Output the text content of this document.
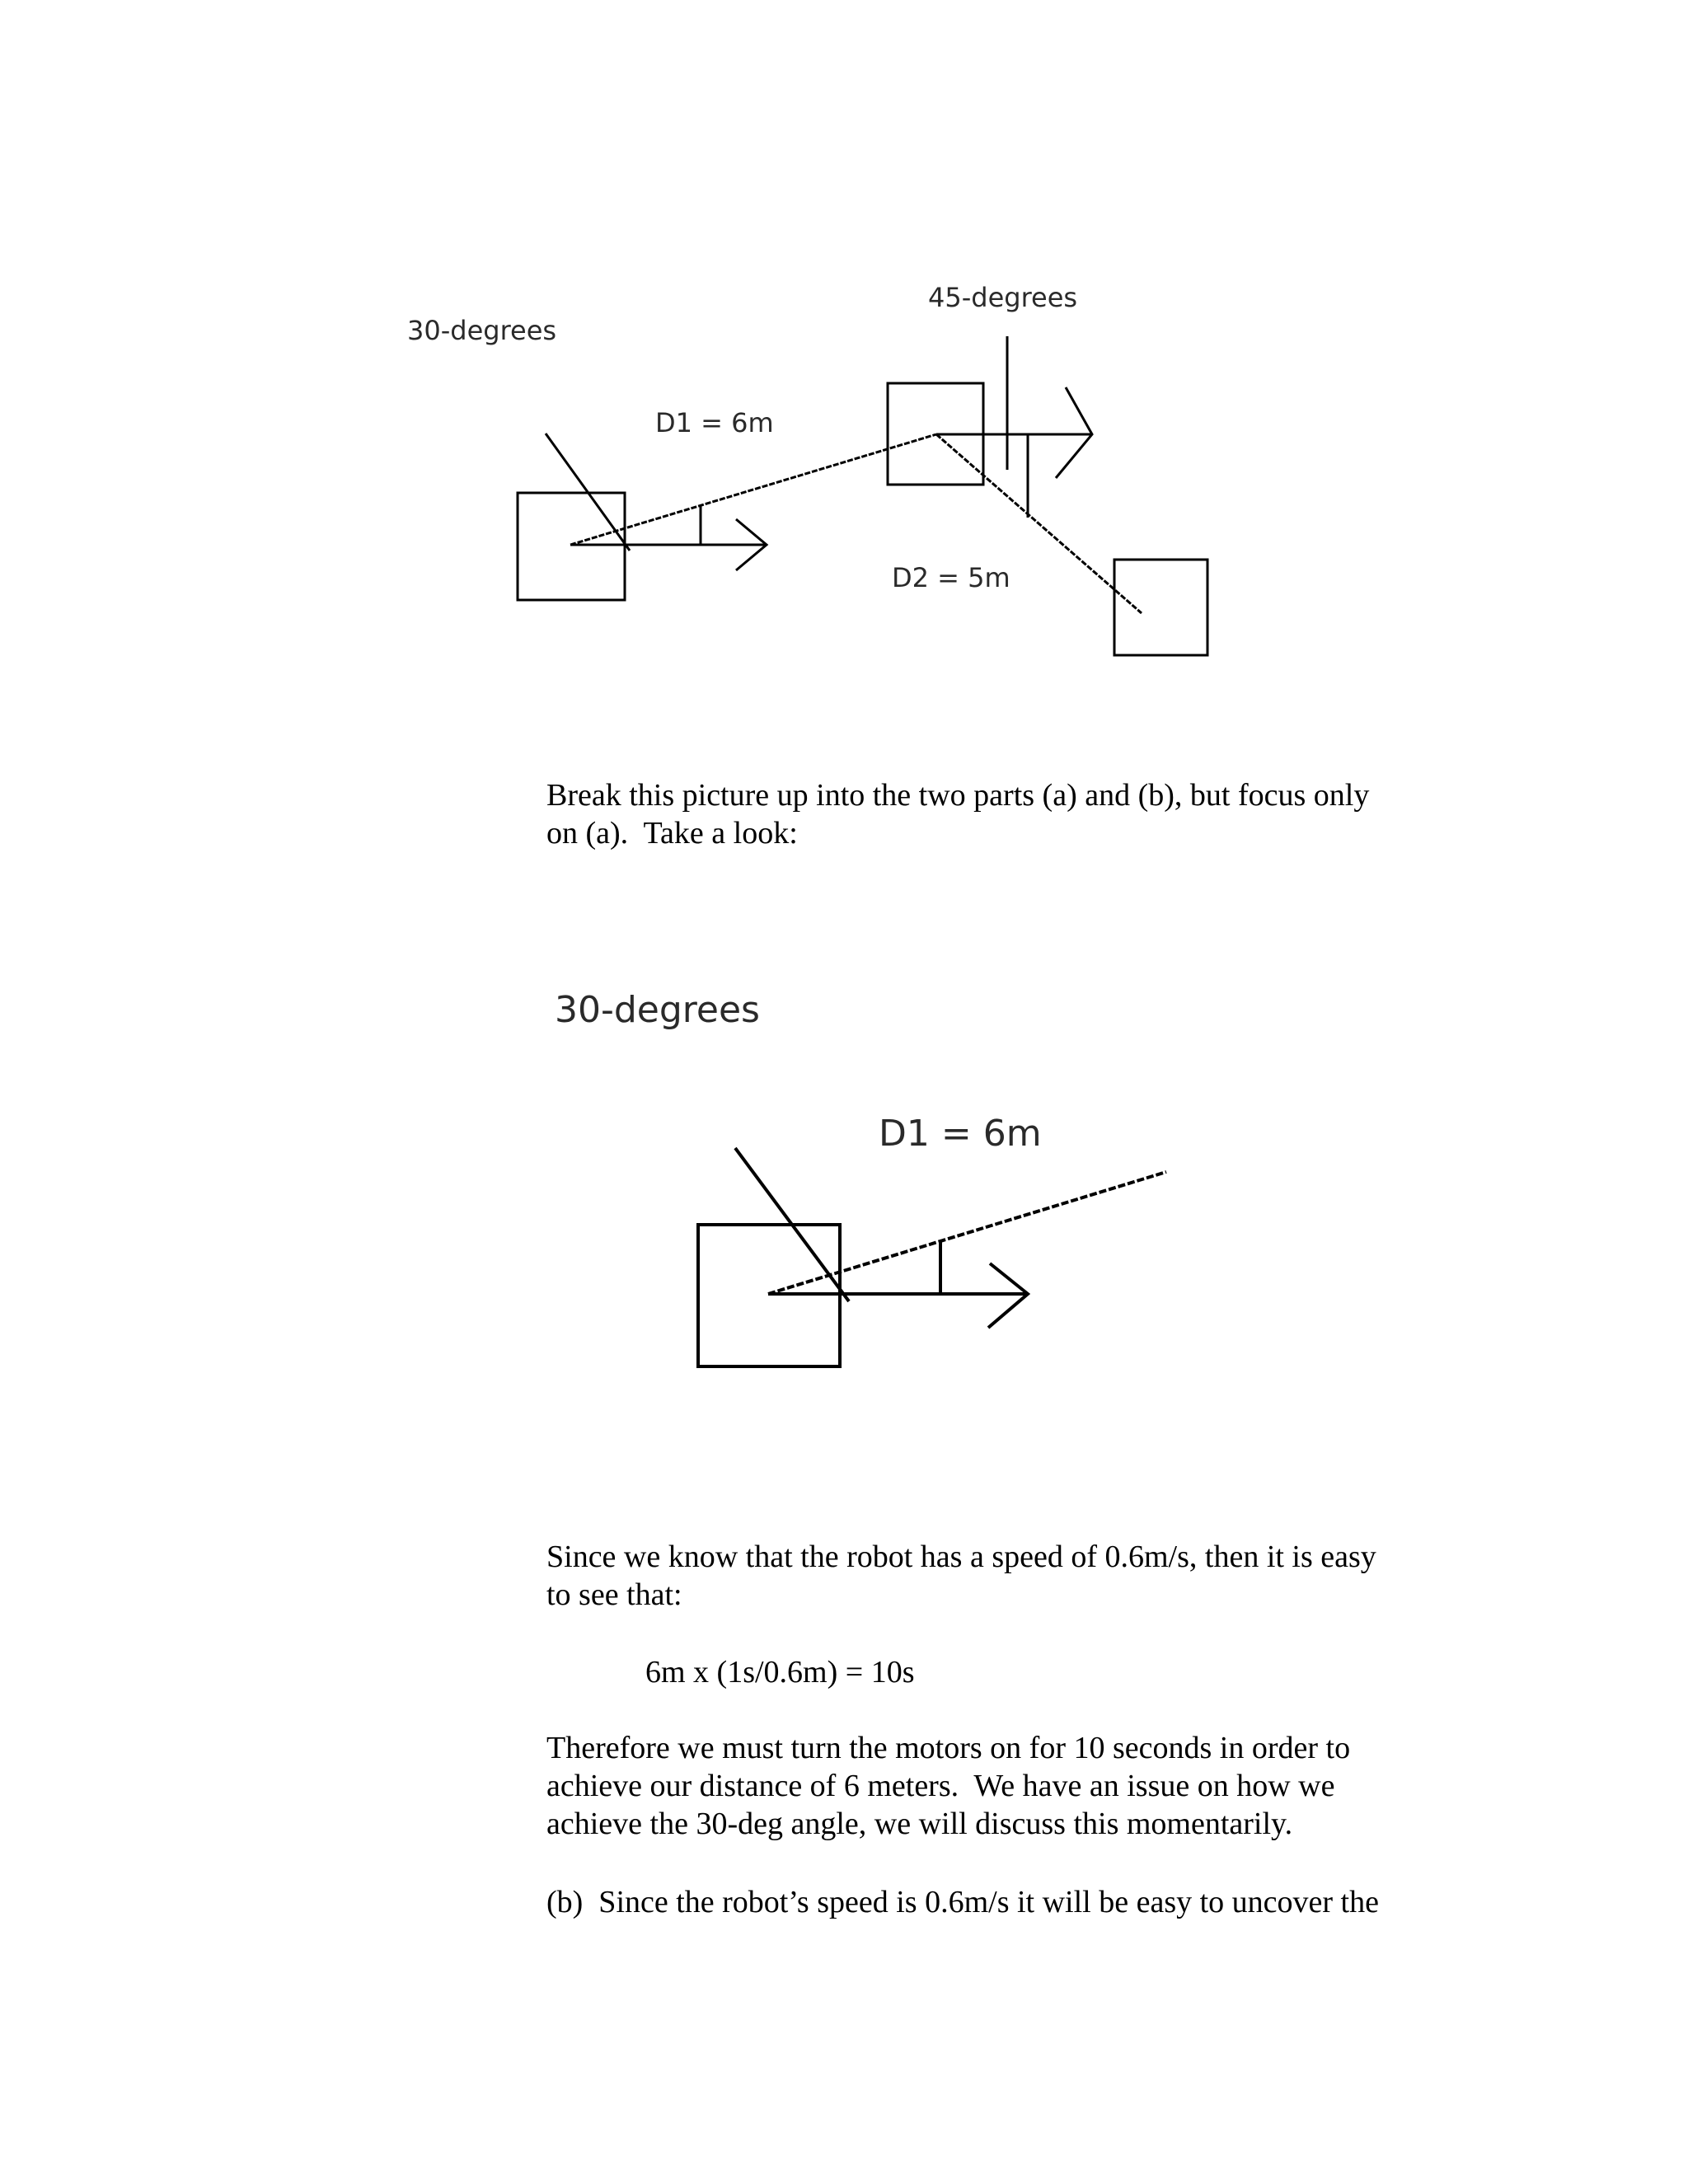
30-degrees
45-degrees
D1 = 6m
D2 = 5m

Break this picture up into the two parts (a) and (b), but focus only
on (a).  Take a look:

30-degrees
D1 = 6m

Since we know that the robot has a speed of 0.6m/s, then it is easy
to see that:

6m x (1s/0.6m) = 10s

Therefore we must turn the motors on for 10 seconds in order to
achieve our distance of 6 meters.  We have an issue on how we
achieve the 30-deg angle, we will discuss this momentarily.

(b)  Since the robot’s speed is 0.6m/s it will be easy to uncover the
